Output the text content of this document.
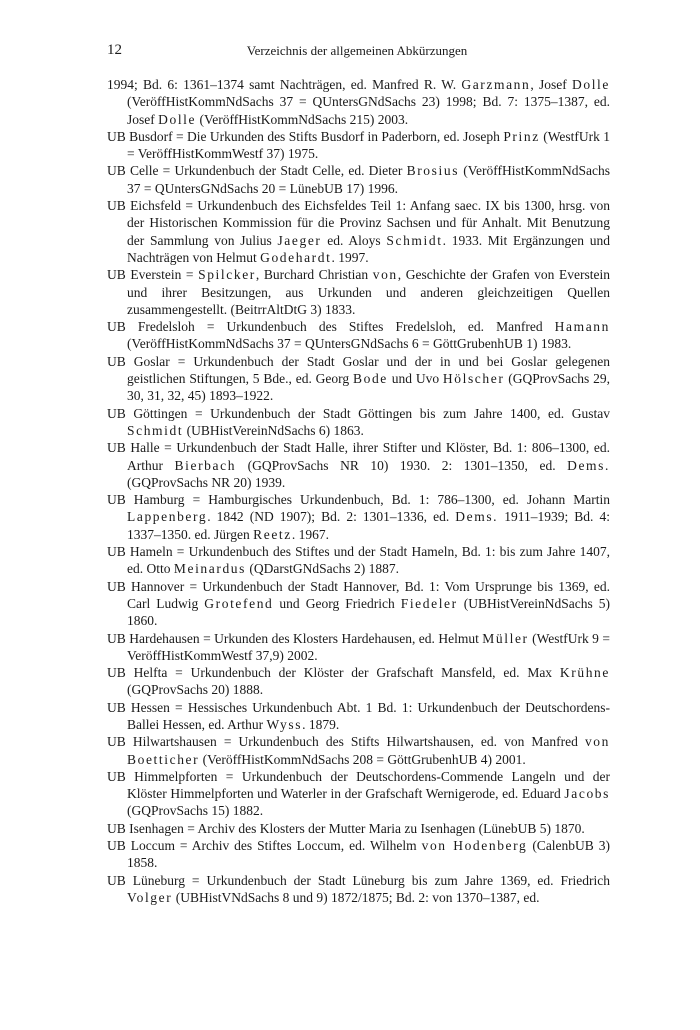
12	Verzeichnis der allgemeinen Abkürzungen

1994; Bd. 6: 1361–1374 samt Nachträgen, ed. Manfred R. W. Garzmann, Josef Dolle (VeröffHistKommNdSachs 37 = QUntersGNdSachs 23) 1998; Bd. 7: 1375–1387, ed. Josef Dolle (VeröffHistKommNdSachs 215) 2003.

UB Busdorf = Die Urkunden des Stifts Busdorf in Paderborn, ed. Joseph Prinz (WestfUrk 1 = VeröffHistKommWestf 37) 1975.

UB Celle = Urkundenbuch der Stadt Celle, ed. Dieter Brosius (VeröffHistKommNdSachs 37 = QUntersGNdSachs 20 = LünebUB 17) 1996.

UB Eichsfeld = Urkundenbuch des Eichsfeldes Teil 1: Anfang saec. IX bis 1300, hrsg. von der Historischen Kommission für die Provinz Sachsen und für Anhalt. Mit Benutzung der Sammlung von Julius Jaeger ed. Aloys Schmidt. 1933. Mit Ergänzungen und Nachträgen von Helmut Godehardt. 1997.

UB Everstein = Spilcker, Burchard Christian von, Geschichte der Grafen von Everstein und ihrer Besitzungen, aus Urkunden und anderen gleichzeitigen Quellen zusammengestellt. (BeitrrAltDtG 3) 1833.

UB Fredelsloh = Urkundenbuch des Stiftes Fredelsloh, ed. Manfred Hamann (VeröffHistKommNdSachs 37 = QUntersGNdSachs 6 = GöttGrubenhUB 1) 1983.

UB Goslar = Urkundenbuch der Stadt Goslar und der in und bei Goslar gelegenen geistlichen Stiftungen, 5 Bde., ed. Georg Bode und Uvo Hölscher (GQProvSachs 29, 30, 31, 32, 45) 1893–1922.

UB Göttingen = Urkundenbuch der Stadt Göttingen bis zum Jahre 1400, ed. Gustav Schmidt (UBHistVereinNdSachs 6) 1863.

UB Halle = Urkundenbuch der Stadt Halle, ihrer Stifter und Klöster, Bd. 1: 806–1300, ed. Arthur Bierbach (GQProvSachs NR 10) 1930. 2: 1301–1350, ed. Dems. (GQProvSachs NR 20) 1939.

UB Hamburg = Hamburgisches Urkundenbuch, Bd. 1: 786–1300, ed. Johann Martin Lappenberg. 1842 (ND 1907); Bd. 2: 1301–1336, ed. Dems. 1911–1939; Bd. 4: 1337–1350. ed. Jürgen Reetz. 1967.

UB Hameln = Urkundenbuch des Stiftes und der Stadt Hameln, Bd. 1: bis zum Jahre 1407, ed. Otto Meinardus (QDarstGNdSachs 2) 1887.

UB Hannover = Urkundenbuch der Stadt Hannover, Bd. 1: Vom Ursprunge bis 1369, ed. Carl Ludwig Grotefend und Georg Friedrich Fiedeler (UBHistVereinNdSachs 5) 1860.

UB Hardehausen = Urkunden des Klosters Hardehausen, ed. Helmut Müller (WestfUrk 9 = VeröffHistKommWestf 37,9) 2002.

UB Helfta = Urkundenbuch der Klöster der Grafschaft Mansfeld, ed. Max Krühne (GQProvSachs 20) 1888.

UB Hessen = Hessisches Urkundenbuch Abt. 1 Bd. 1: Urkundenbuch der Deutschordens-Ballei Hessen, ed. Arthur Wyss. 1879.

UB Hilwartshausen = Urkundenbuch des Stifts Hilwartshausen, ed. von Manfred von Boetticher (VeröffHistKommNdSachs 208 = GöttGrubenhUB 4) 2001.

UB Himmelpforten = Urkundenbuch der Deutschordens-Commende Langeln und der Klöster Himmelpforten und Waterler in der Grafschaft Wernigerode, ed. Eduard Jacobs (GQProvSachs 15) 1882.

UB Isenhagen = Archiv des Klosters der Mutter Maria zu Isenhagen (LünebUB 5) 1870.

UB Loccum = Archiv des Stiftes Loccum, ed. Wilhelm von Hodenberg (CalenbUB 3) 1858.

UB Lüneburg = Urkundenbuch der Stadt Lüneburg bis zum Jahre 1369, ed. Friedrich Volger (UBHistVNdSachs 8 und 9) 1872/1875; Bd. 2: von 1370–1387, ed.
